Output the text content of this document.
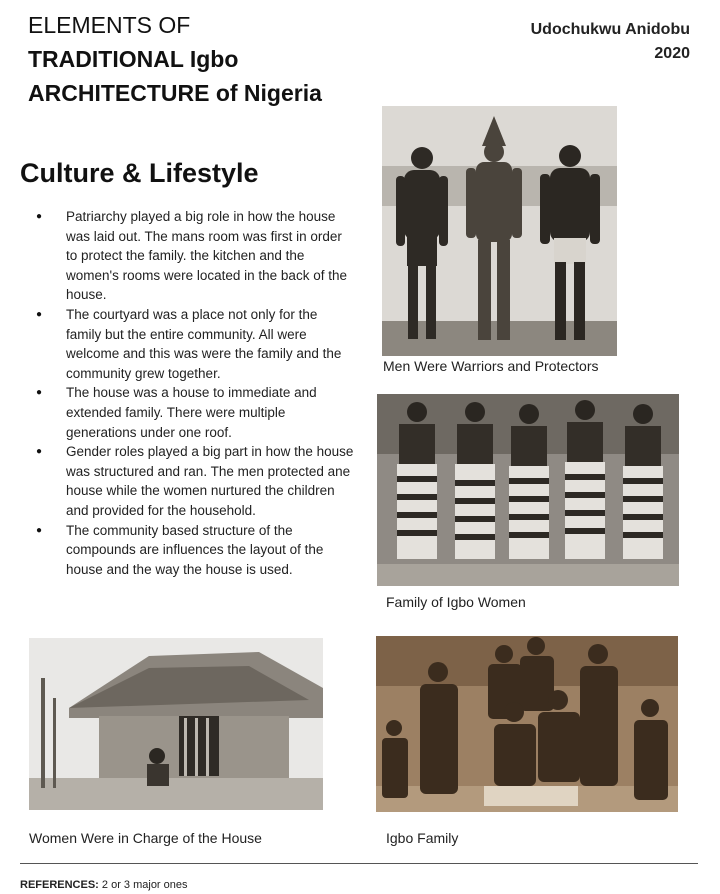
ELEMENTS OF
TRADITIONAL Igbo
ARCHITECTURE of Nigeria
Udochukwu Anidobu
2020
Culture & Lifestyle
● Patriarchy played a big role in how the house was laid out. The mans room was first in order to protect the family. the kitchen and the women's rooms were located in the back of the house.
● The courtyard was a place not only for the family but the entire community. All were welcome and this was were the family and the community grew together.
● The house was a house to immediate and extended family. There were multiple generations under one roof.
● Gender roles played a big part in how the house was structured and ran. The men protected ane house while the women nurtured the children and provided for the household.
● The community based structure of the compounds are influences the layout of the house and the way the house is used.
Men Were Warriors and Protectors
Family of Igbo Women
Women Were in Charge of the House	Igbo Family
REFERENCES: 2 or 3 major ones
